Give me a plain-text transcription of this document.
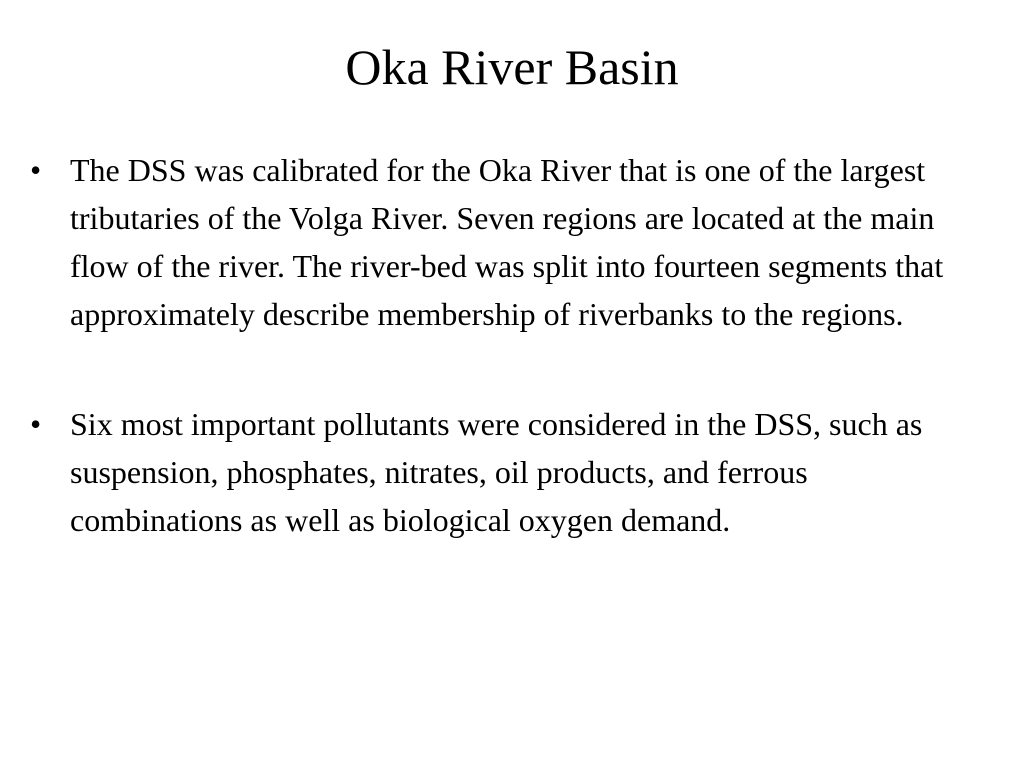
Oka River Basin
• The DSS was calibrated for the Oka River that is one of the largest tributaries of the Volga River. Seven regions are located at the main flow of the river. The river-bed was split into fourteen segments that approximately describe membership of riverbanks to the regions.
• Six most important pollutants were considered in the DSS, such as suspension, phosphates, nitrates, oil products, and ferrous combinations as well as biological oxygen demand.
